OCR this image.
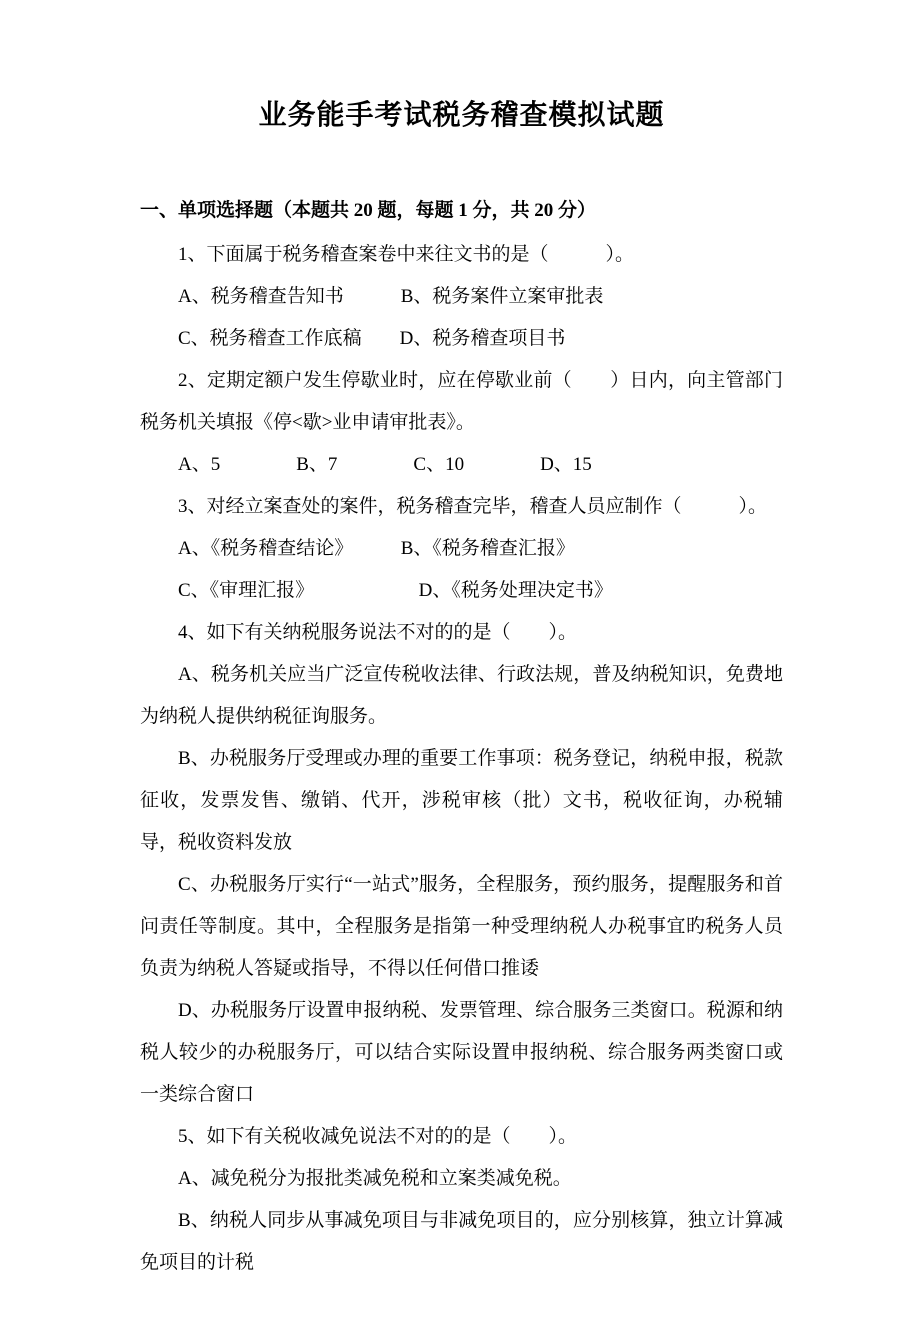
业务能手考试税务稽查模拟试题

一、单项选择题（本题共 20 题，每题 1 分，共 20 分）

1、下面属于税务稽查案卷中来往文书的是（　　　）。

A、税务稽查告知书　　　B、税务案件立案审批表

C、税务稽查工作底稿　　D、税务稽查项目书

2、定期定额户发生停歇业时，应在停歇业前（　　）日内，向主管部门税务机关填报《停<歇>业申请审批表》。

A、5　　　　B、7　　　　C、10　　　　D、15

3、对经立案查处的案件，税务稽查完毕，稽查人员应制作（　　　）。

A、《税务稽查结论》　　　B、《税务稽查汇报》

C、《审理汇报》　　　　　　D、《税务处理决定书》

4、如下有关纳税服务说法不对的的是（　　）。

A、税务机关应当广泛宣传税收法律、行政法规，普及纳税知识，免费地为纳税人提供纳税征询服务。

B、办税服务厅受理或办理的重要工作事项：税务登记，纳税申报，税款征收，发票发售、缴销、代开，涉税审核（批）文书，税收征询，办税辅导，税收资料发放

C、办税服务厅实行“一站式”服务，全程服务，预约服务，提醒服务和首问责任等制度。其中，全程服务是指第一种受理纳税人办税事宜旳税务人员负责为纳税人答疑或指导，不得以任何借口推诿

D、办税服务厅设置申报纳税、发票管理、综合服务三类窗口。税源和纳税人较少的办税服务厅，可以结合实际设置申报纳税、综合服务两类窗口或一类综合窗口

5、如下有关税收减免说法不对的的是（　　）。

A、减免税分为报批类减免税和立案类减免税。

B、纳税人同步从事减免项目与非减免项目的，应分别核算，独立计算减免项目的计税
